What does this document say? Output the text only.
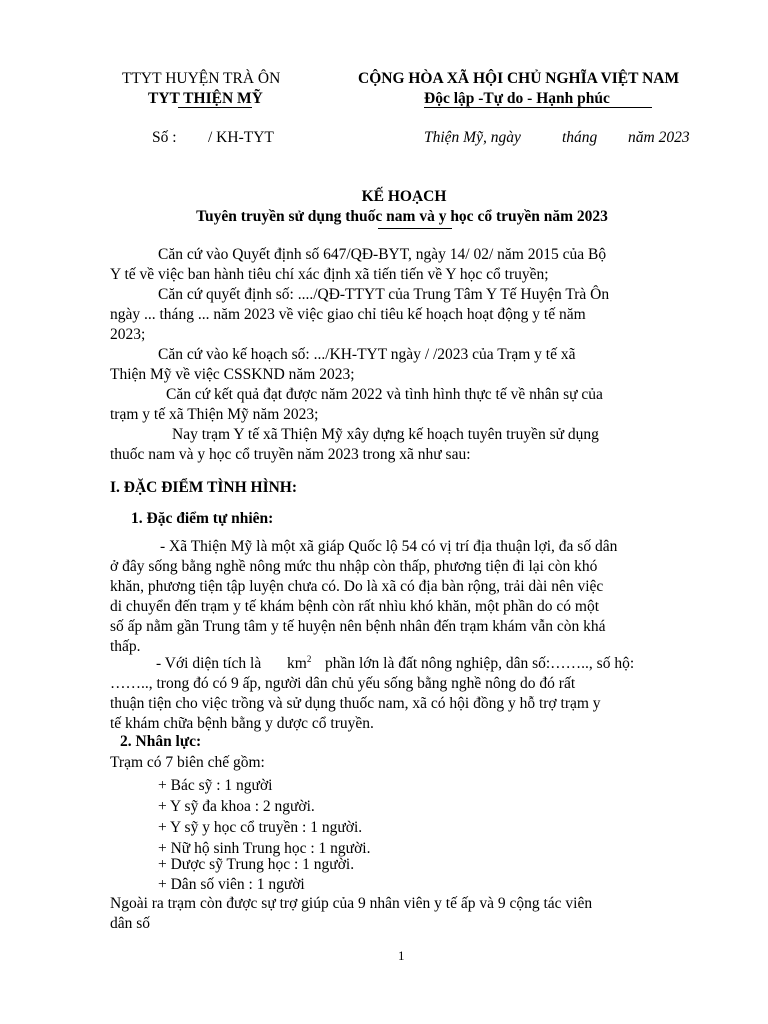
TTYT HUYỆN TRÀ ÔN
TYT THIỆN MỸ
CỘNG HÒA XÃ HỘI CHỦ NGHĨA VIỆT NAM
Độc lập -Tự do - Hạnh phúc
Số : / KH-TYT	Thiện Mỹ, ngày	tháng năm 2023
KẾ HOẠCH
Tuyên truyền sử dụng thuốc nam và y học cổ truyền năm 2023
Căn cứ vào Quyết định số 647/QĐ-BYT, ngày 14/ 02/ năm 2015 của Bộ
Y tế về việc ban hành tiêu chí xác định xã tiến tiến về Y học cổ truyền;
Căn cứ quyết định số: ..../QĐ-TTYT của Trung Tâm Y Tế Huyện Trà Ôn
ngày ... tháng ... năm 2023 về việc giao chỉ tiêu kế hoạch hoạt động y tế năm
2023;
Căn cứ vào kế hoạch số: .../KH-TYT ngày / /2023 của Trạm y tế xã
Thiện Mỹ về việc CSSKND năm 2023;
Căn cứ kết quả đạt được năm 2022 và tình hình thực tế về nhân sự của
trạm y tế xã Thiện Mỹ năm 2023;
Nay trạm Y tế xã Thiện Mỹ xây dựng kế hoạch tuyên truyền sử dụng
thuốc nam và y học cổ truyền năm 2023 trong xã như sau:
I. ĐẶC ĐIỂM TÌNH HÌNH:
1. Đặc điểm tự nhiên:
- Xã Thiện Mỹ là một xã giáp Quốc lộ 54 có vị trí địa thuận lợi, đa số dân
ở đây sống bằng nghề nông mức thu nhập còn thấp, phương tiện đi lại còn khó
khăn, phương tiện tập luyện chưa có. Do là xã có địa bàn rộng, trải dài nên việc
di chuyển đến trạm y tế khám bệnh còn rất nhìu khó khăn, một phần do có một
số ấp nằm gần Trung tâm y tế huyện nên bệnh nhân đến trạm khám vẫn còn khá
thấp.
- Với diện tích là $km^2$ phần lớn là đất nông nghiệp, dân số:…….., số hộ:
…….., trong đó có 9 ấp, người dân chủ yếu sống bằng nghề nông do đó rất
thuận tiện cho việc trồng và sử dụng thuốc nam, xã có hội đồng y hỗ trợ trạm y
tế khám chữa bệnh bằng y dược cổ truyền.
2. Nhân lực:
Trạm có 7 biên chế gồm:
+ Bác sỹ : 1 người
+ Y sỹ đa khoa : 2 người.
+ Y sỹ y học cổ truyền : 1 người.
+ Nữ hộ sinh Trung học : 1 người.
+ Dược sỹ Trung học : 1 người.
+ Dân số viên : 1 người
Ngoài ra trạm còn được sự trợ giúp của 9 nhân viên y tế ấp và 9 cộng tác viên
dân số
1
